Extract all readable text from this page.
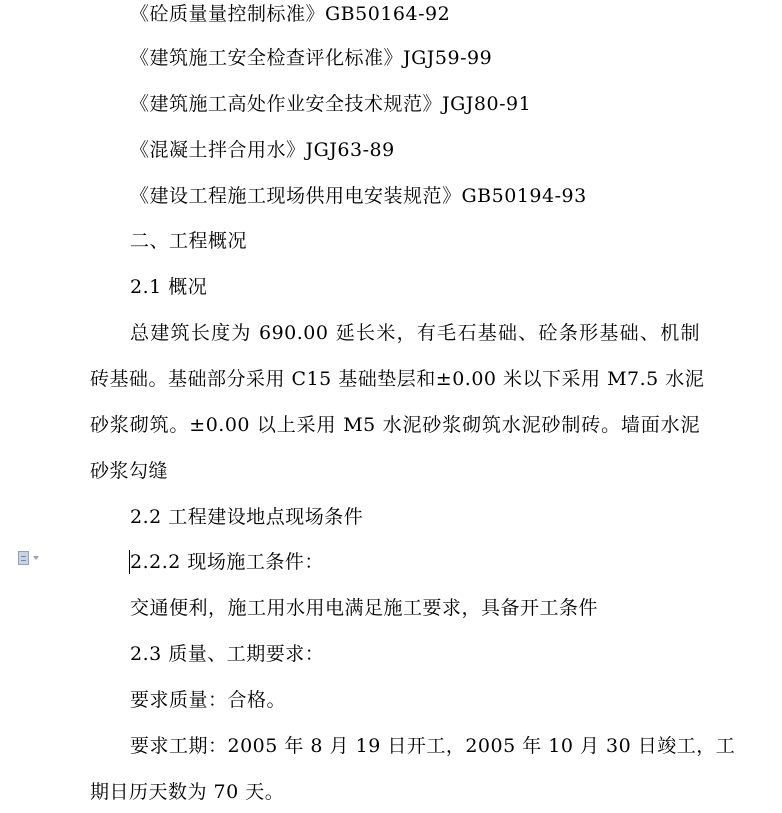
《砼质量量控制标准》GB50164-92
《建筑施工安全检查评化标准》JGJ59-99
《建筑施工高处作业安全技术规范》JGJ80-91
《混凝土拌合用水》JGJ63-89
《建设工程施工现场供用电安装规范》GB50194-93
二、工程概况
2.1 概况
总建筑长度为 690.00 延长米，有毛石基础、砼条形基础、机制
砖基础。基础部分采用 C15 基础垫层和±0.00 米以下采用 M7.5 水泥
砂浆砌筑。±0.00 以上采用 M5 水泥砂浆砌筑水泥砂制砖。墙面水泥
砂浆勾缝
2.2 工程建设地点现场条件
2.2.2 现场施工条件：
交通便利，施工用水用电满足施工要求，具备开工条件
2.3 质量、工期要求：
要求质量：合格。
要求工期：2005 年 8 月 19 日开工，2005 年 10 月 30 日竣工，工
期日历天数为 70 天。
